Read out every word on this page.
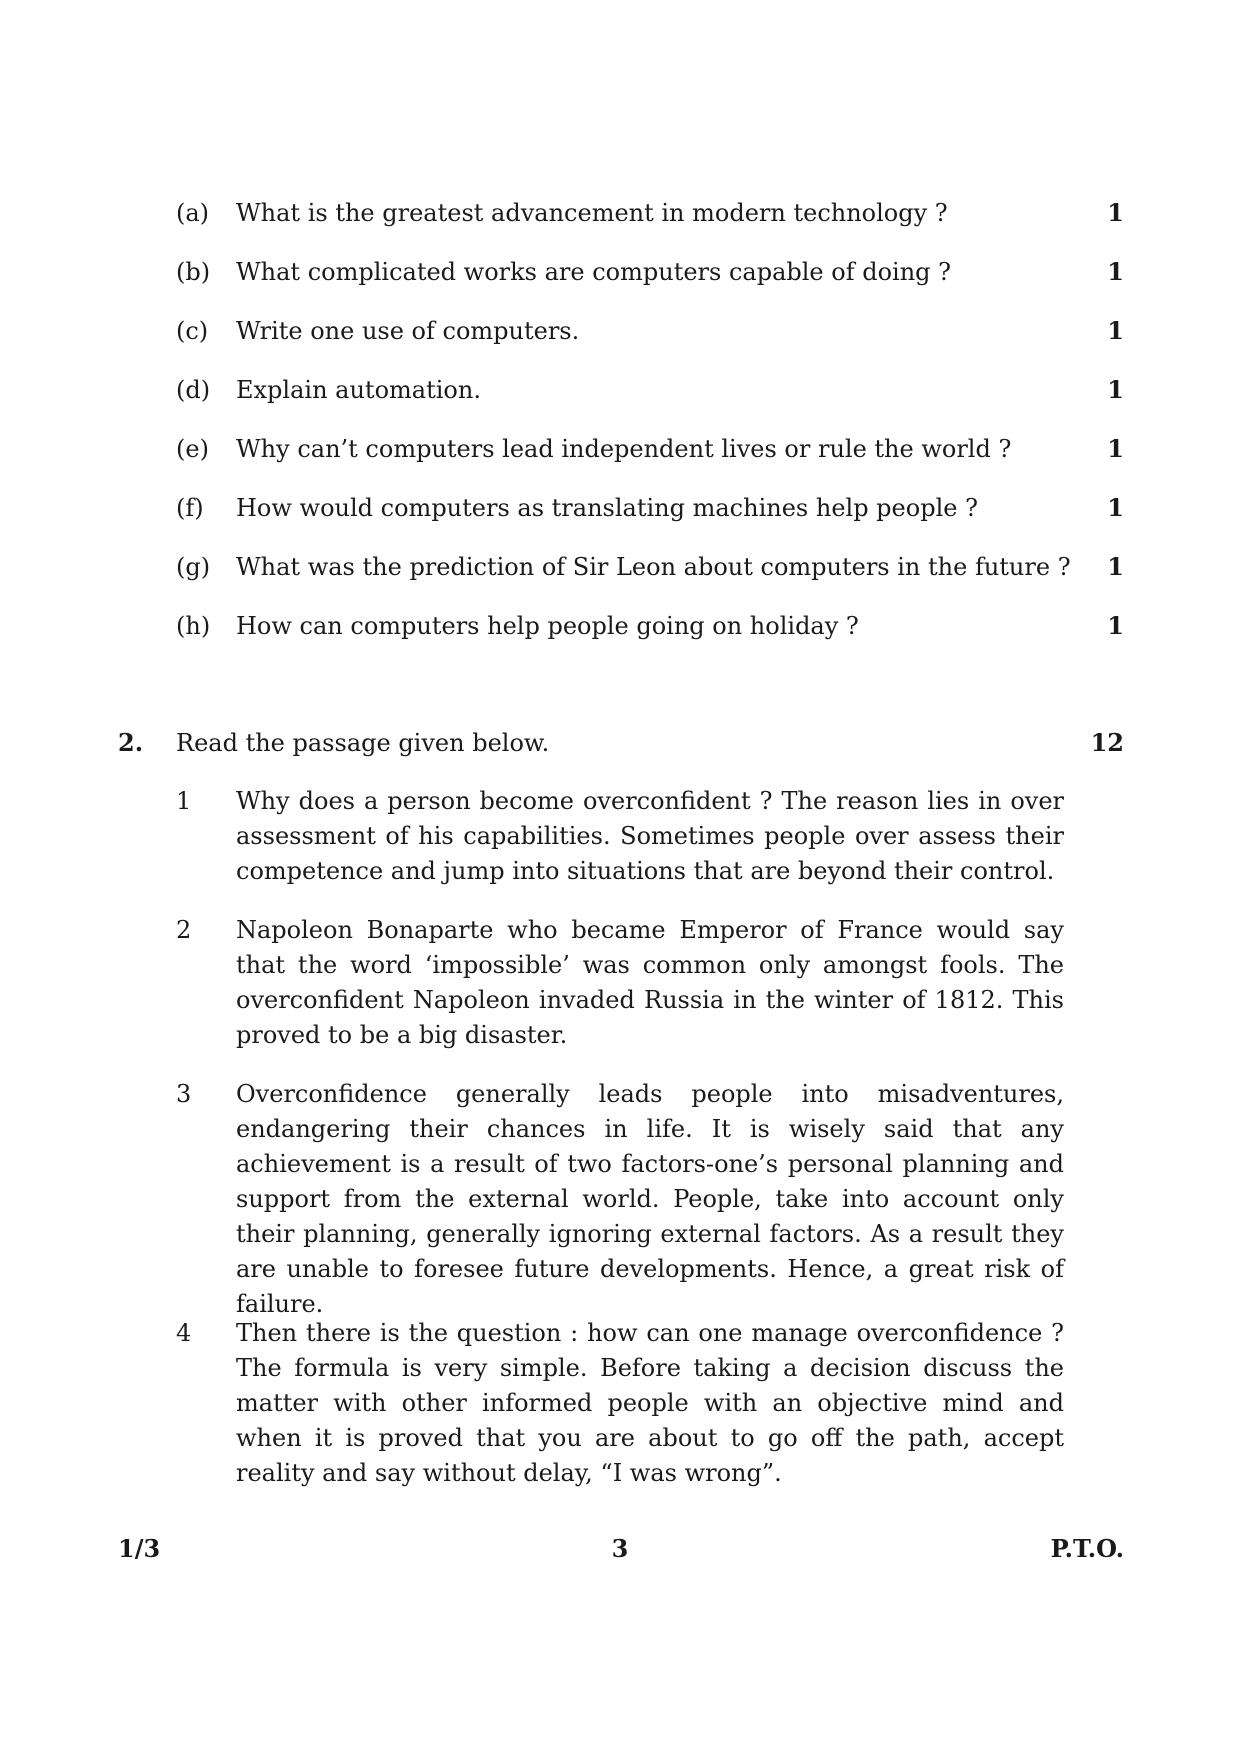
(a) What is the greatest advancement in modern technology ?	1
(b) What complicated works are computers capable of doing ?	1
(c) Write one use of computers.	1
(d) Explain automation.	1
(e) Why can’t computers lead independent lives or rule the world ?	1
(f) How would computers as translating machines help people ?	1
(g) What was the prediction of Sir Leon about computers in the future ? 1
(h) How can computers help people going on holiday ?	1
2. Read the passage given below.	12
1 Why does a person become overconfident ? The reason lies in over assessment of his capabilities. Sometimes people over assess their competence and jump into situations that are beyond their control.

2 Napoleon Bonaparte who became Emperor of France would say that the word ‘impossible’ was common only amongst fools. The overconfident Napoleon invaded Russia in the winter of 1812. This proved to be a big disaster.

3 Overconfidence generally leads people into misadventures, endangering their chances in life. It is wisely said that any achievement is a result of two factors-one’s personal planning and support from the external world. People, take into account only their planning, generally ignoring external factors. As a result they are unable to foresee future developments. Hence, a great risk of failure.

4 Then there is the question : how can one manage overconfidence ? The formula is very simple. Before taking a decision discuss the matter with other informed people with an objective mind and when it is proved that you are about to go off the path, accept reality and say without delay, “I was wrong”.

1/3	3	P.T.O.
